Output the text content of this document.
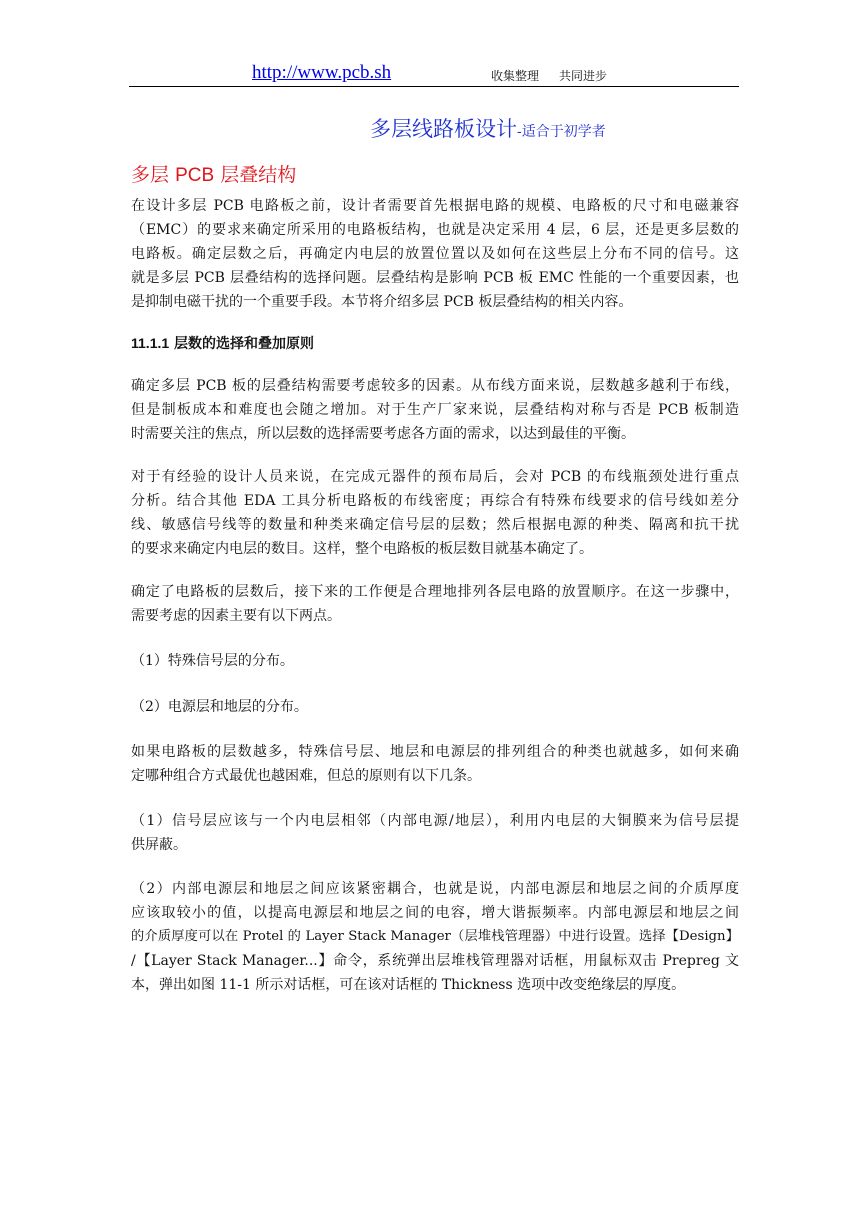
http://www.pcb.sh	收集整理 共同进步
多层线路板设计-适合于初学者
多层 PCB 层叠结构
在设计多层 PCB 电路板之前，设计者需要首先根据电路的规模、电路板的尺寸和电磁兼容
（EMC）的要求来确定所采用的电路板结构，也就是决定采用 4 层，6 层，还是更多层数的
电路板。确定层数之后，再确定内电层的放置位置以及如何在这些层上分布不同的信号。这
就是多层 PCB 层叠结构的选择问题。层叠结构是影响 PCB 板 EMC 性能的一个重要因素，也
是抑制电磁干扰的一个重要手段。本节将介绍多层 PCB 板层叠结构的相关内容。
11.1.1 层数的选择和叠加原则
确定多层 PCB 板的层叠结构需要考虑较多的因素。从布线方面来说，层数越多越利于布线，
但是制板成本和难度也会随之增加。对于生产厂家来说，层叠结构对称与否是 PCB 板制造
时需要关注的焦点，所以层数的选择需要考虑各方面的需求，以达到最佳的平衡。
对于有经验的设计人员来说，在完成元器件的预布局后，会对 PCB 的布线瓶颈处进行重点
分析。结合其他 EDA 工具分析电路板的布线密度；再综合有特殊布线要求的信号线如差分
线、敏感信号线等的数量和种类来确定信号层的层数；然后根据电源的种类、隔离和抗干扰
的要求来确定内电层的数目。这样，整个电路板的板层数目就基本确定了。
确定了电路板的层数后，接下来的工作便是合理地排列各层电路的放置顺序。在这一步骤中，
需要考虑的因素主要有以下两点。
（1）特殊信号层的分布。
（2）电源层和地层的分布。
如果电路板的层数越多，特殊信号层、地层和电源层的排列组合的种类也就越多，如何来确
定哪种组合方式最优也越困难，但总的原则有以下几条。
（1）信号层应该与一个内电层相邻（内部电源/地层），利用内电层的大铜膜来为信号层提
供屏蔽。
（2）内部电源层和地层之间应该紧密耦合，也就是说，内部电源层和地层之间的介质厚度
应该取较小的值，以提高电源层和地层之间的电容，增大谐振频率。内部电源层和地层之间
的介质厚度可以在 Protel 的 Layer Stack Manager（层堆栈管理器）中进行设置。选择【Design】
/【Layer Stack Manager...】命令，系统弹出层堆栈管理器对话框，用鼠标双击 Prepreg 文
本，弹出如图 11-1 所示对话框，可在该对话框的 Thickness 选项中改变绝缘层的厚度。
